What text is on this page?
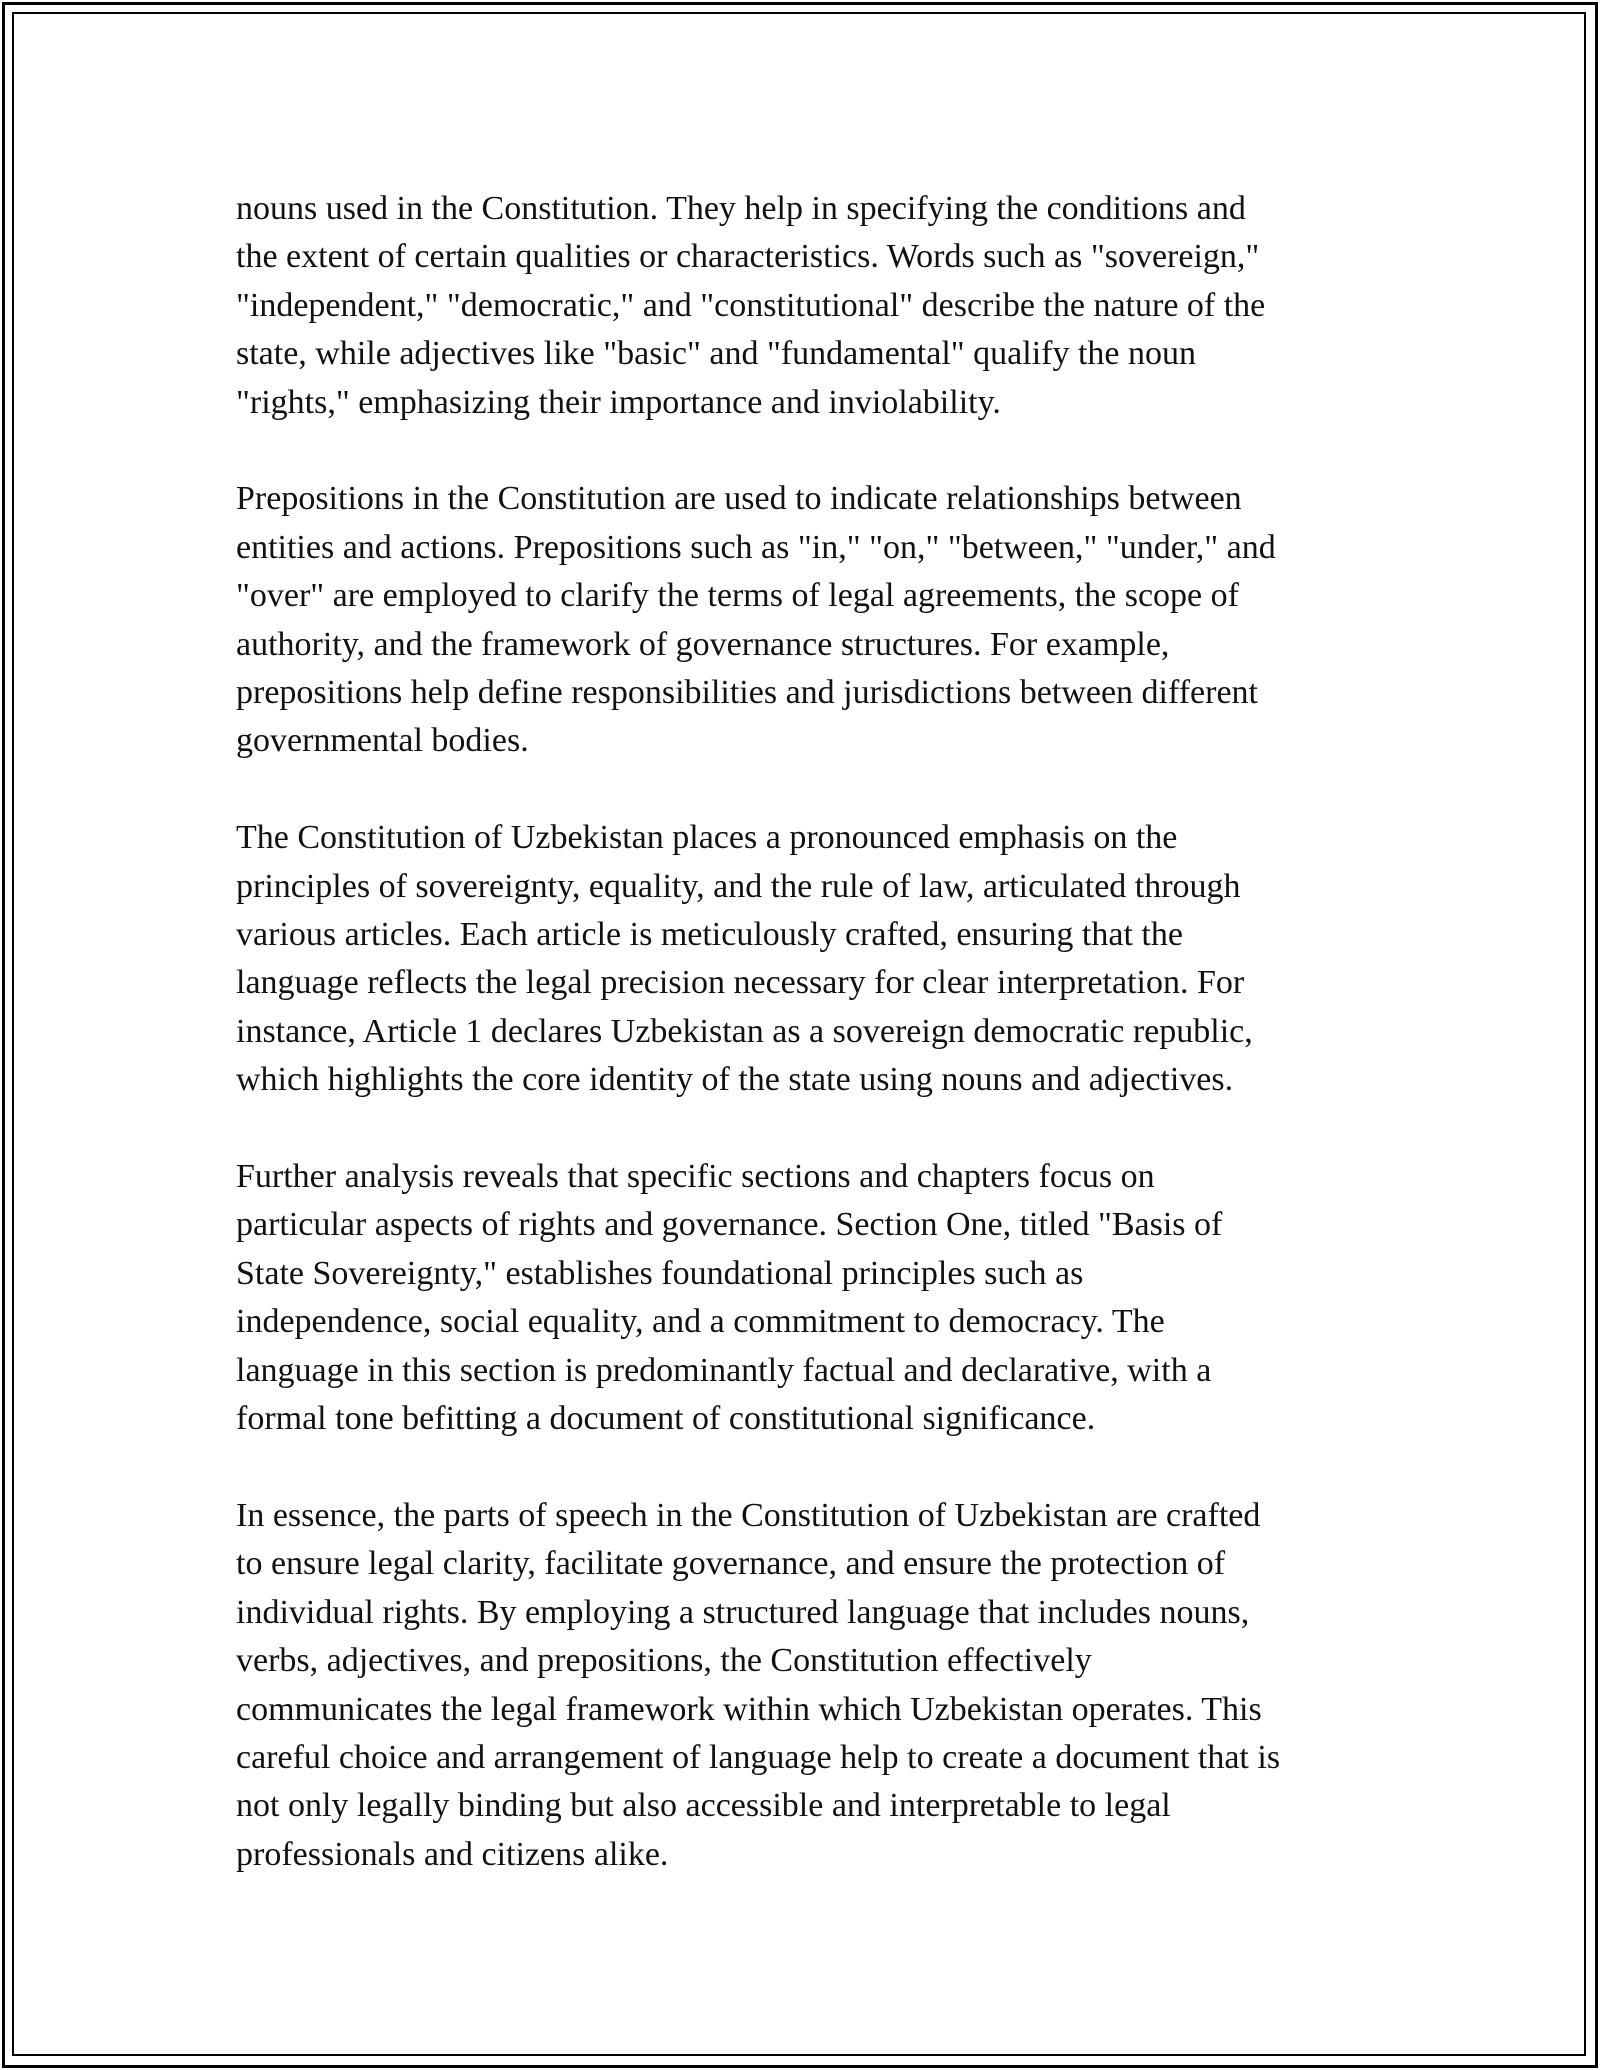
nouns used in the Constitution. They help in specifying the conditions and
the extent of certain qualities or characteristics. Words such as "sovereign,"
"independent," "democratic," and "constitutional" describe the nature of the
state, while adjectives like "basic" and "fundamental" qualify the noun
"rights," emphasizing their importance and inviolability.

Prepositions in the Constitution are used to indicate relationships between
entities and actions. Prepositions such as "in," "on," "between," "under," and
"over" are employed to clarify the terms of legal agreements, the scope of
authority, and the framework of governance structures. For example,
prepositions help define responsibilities and jurisdictions between different
governmental bodies.

The Constitution of Uzbekistan places a pronounced emphasis on the
principles of sovereignty, equality, and the rule of law, articulated through
various articles. Each article is meticulously crafted, ensuring that the
language reflects the legal precision necessary for clear interpretation. For
instance, Article 1 declares Uzbekistan as a sovereign democratic republic,
which highlights the core identity of the state using nouns and adjectives.

Further analysis reveals that specific sections and chapters focus on
particular aspects of rights and governance. Section One, titled "Basis of
State Sovereignty," establishes foundational principles such as
independence, social equality, and a commitment to democracy. The
language in this section is predominantly factual and declarative, with a
formal tone befitting a document of constitutional significance.

In essence, the parts of speech in the Constitution of Uzbekistan are crafted
to ensure legal clarity, facilitate governance, and ensure the protection of
individual rights. By employing a structured language that includes nouns,
verbs, adjectives, and prepositions, the Constitution effectively
communicates the legal framework within which Uzbekistan operates. This
careful choice and arrangement of language help to create a document that is
not only legally binding but also accessible and interpretable to legal
professionals and citizens alike.
